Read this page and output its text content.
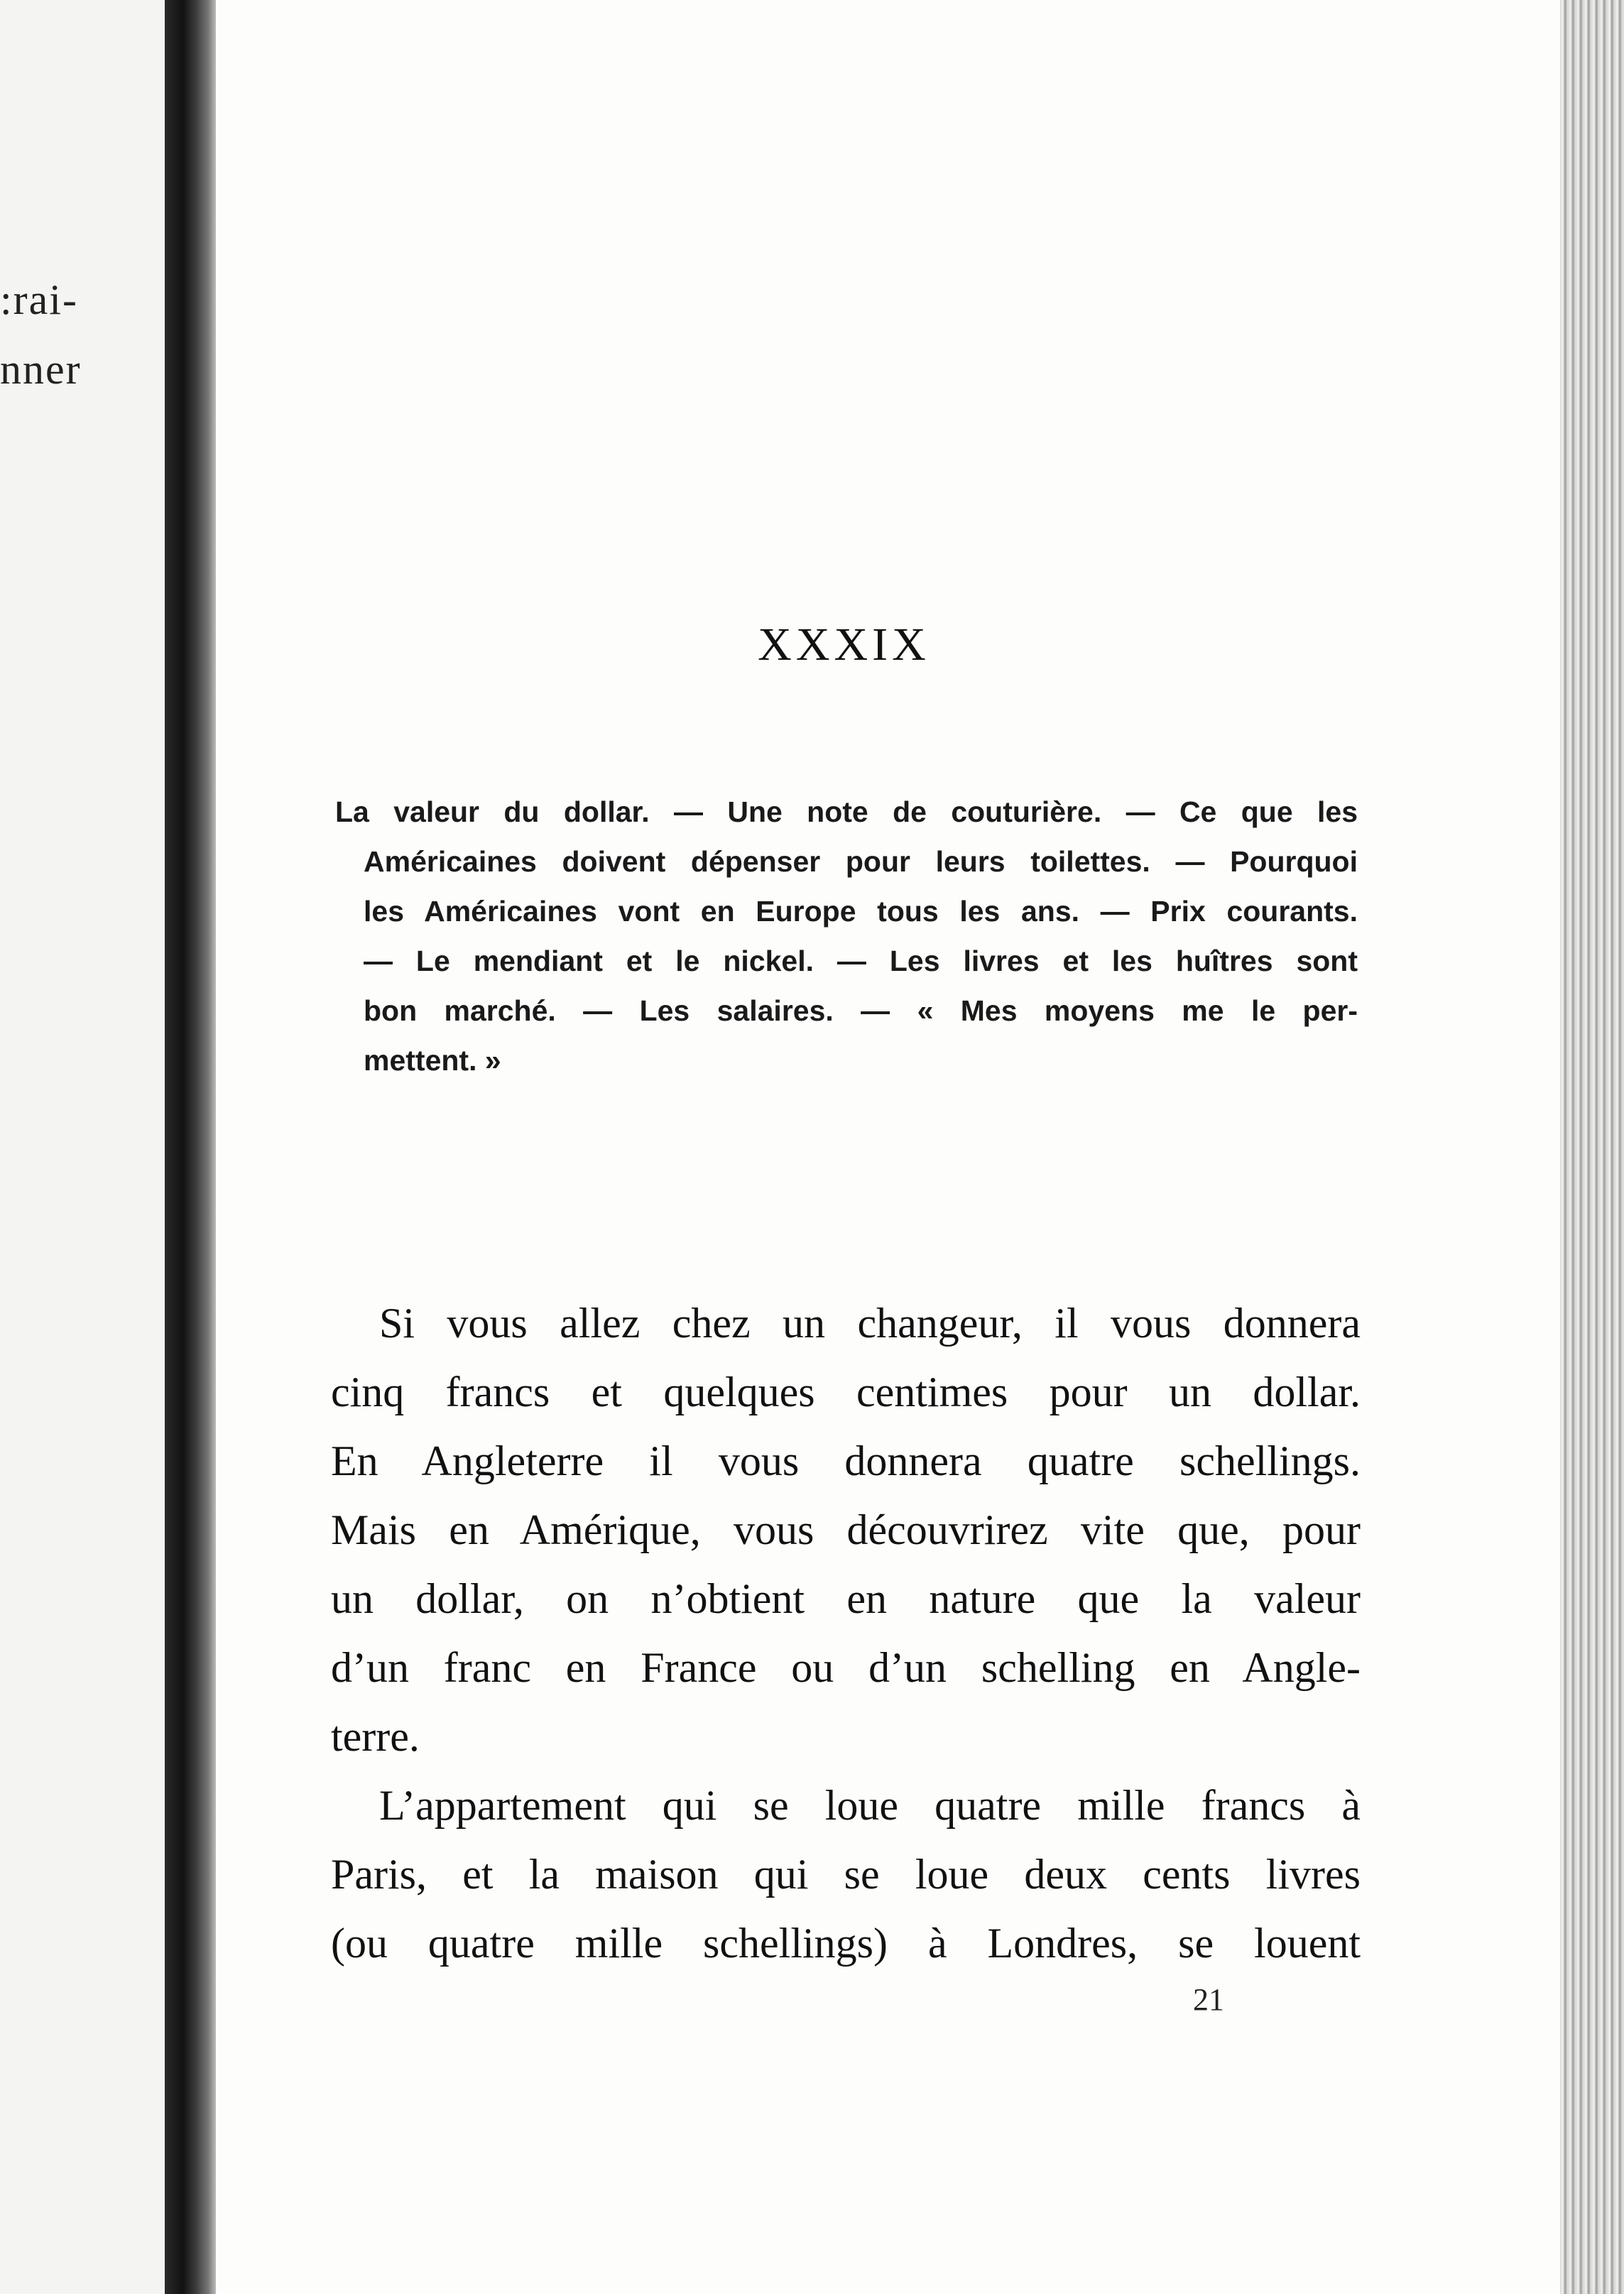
:rai-
nner
XXXIX
La valeur du dollar. — Une note de couturière. — Ce que les
Américaines doivent dépenser pour leurs toilettes. — Pourquoi
les Américaines vont en Europe tous les ans. — Prix courants.
— Le mendiant et le nickel. — Les livres et les huîtres sont
bon marché. — Les salaires. — « Mes moyens me le per-
mettent. »
Si vous allez chez un changeur, il vous donnera
cinq francs et quelques centimes pour un dollar.
En Angleterre il vous donnera quatre schellings.
Mais en Amérique, vous découvrirez vite que, pour
un dollar, on n’obtient en nature que la valeur
d’un franc en France ou d’un schelling en Angle-
terre.
L’appartement qui se loue quatre mille francs à
Paris, et la maison qui se loue deux cents livres
(ou quatre mille schellings) à Londres, se louent
21
